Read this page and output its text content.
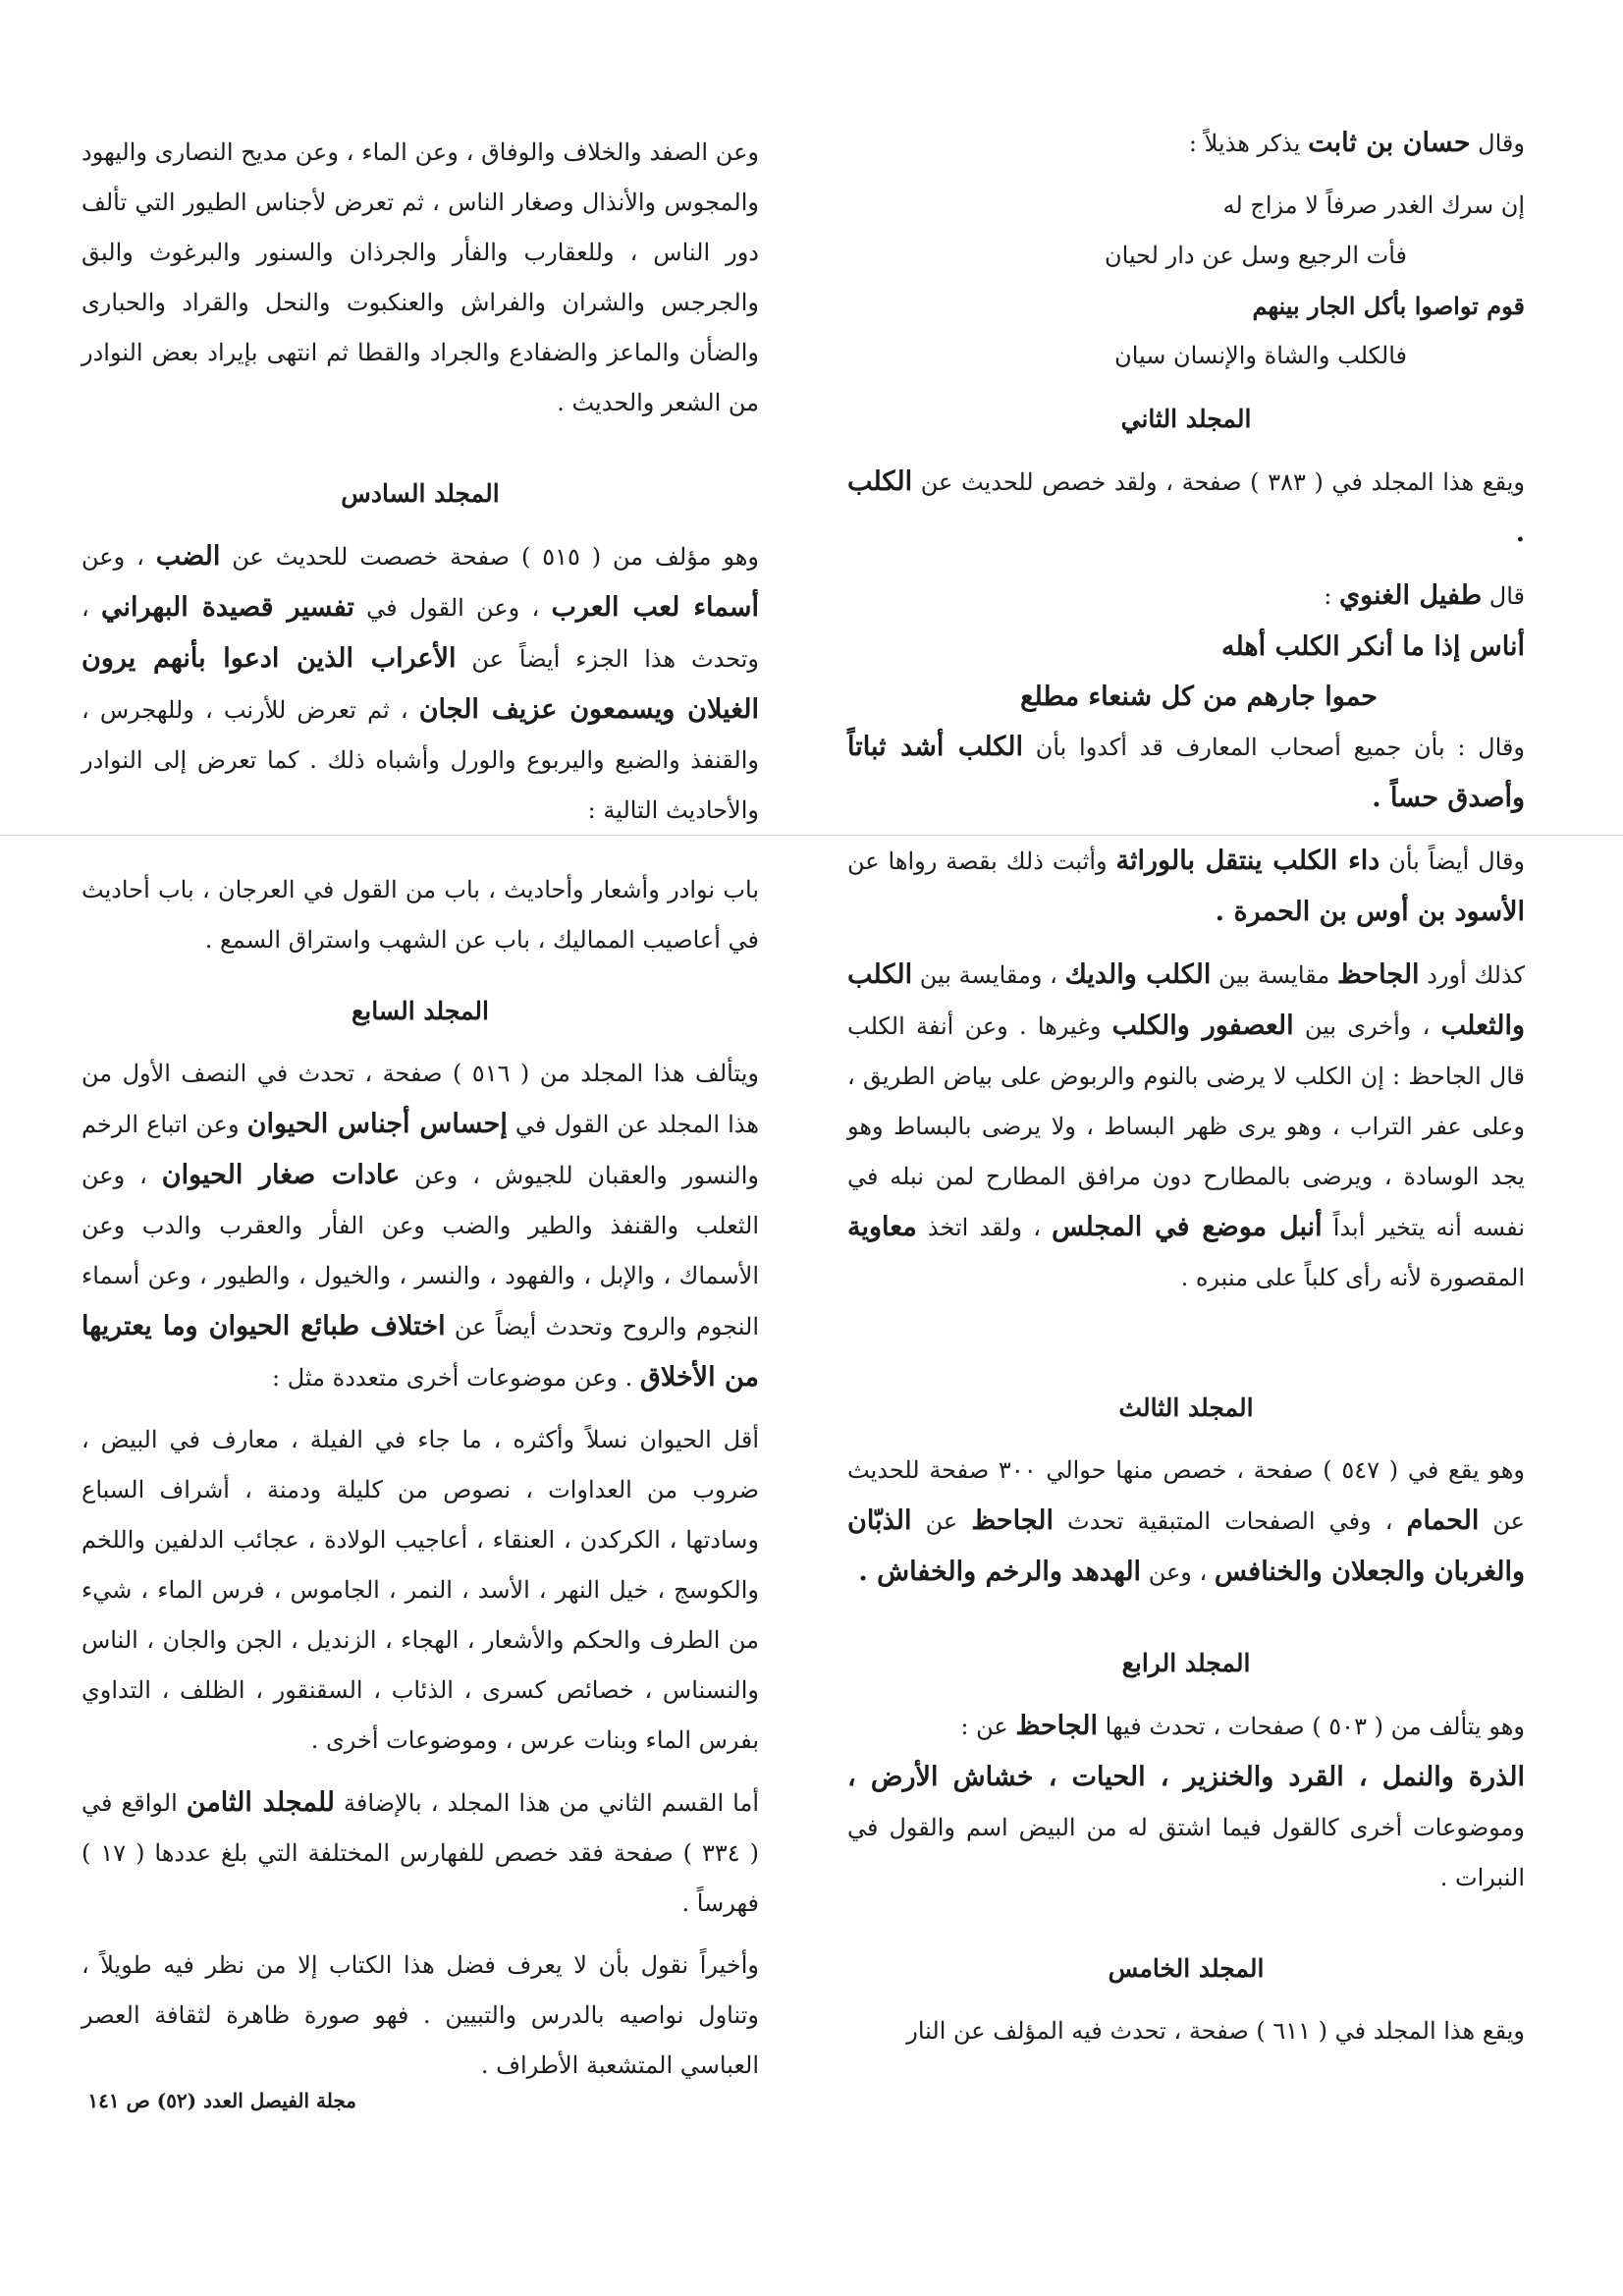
وقال حسان بن ثابت يذكر هذيلاً :

إن سرك الغدر صرفاً لا مزاج له
فأت الرجيع وسل عن دار لحيان
قوم تواصوا بأكل الجار بينهم
فالكلب والشاة والإنسان سيان
المجلد الثاني

ويقع هذا المجلد في ( ٣٨٣ ) صفحة ، ولقد خصص للحديث عن الكلب .

قال طفيل الغنوي :

أناس إذا ما أنكر الكلب أهله
حموا جارهم من كل شنعاء مطلع

وقال : بأن جميع أصحاب المعارف قد أكدوا بأن الكلب أشد ثباتاً وأصدق حساً .

وقال أيضاً بأن داء الكلب ينتقل بالوراثة وأثبت ذلك بقصة رواها عن الأسود بن أوس بن الحمرة .

كذلك أورد الجاحظ مقايسة بين الكلب والديك ، ومقايسة بين الكلب والثعلب ، وأخرى بين العصفور والكلب وغيرها . وعن أنفة الكلب قال الجاحظ : إن الكلب لا يرضى بالنوم والربوض على بياض الطريق ، وعلى عفر التراب ، وهو يرى ظهر البساط ، ولا يرضى بالبساط وهو يجد الوسادة ، ويرضى بالمطارح دون مرافق المطارح لمن نبله في نفسه أنه يتخير أبداً أنبل موضع في المجلس ، ولقد اتخذ معاوية المقصورة لأنه رأى كلباً على منبره .

المجلد الثالث

وهو يقع في ( ٥٤٧ ) صفحة ، خصص منها حوالي ٣٠٠ صفحة للحديث عن الحمام ، وفي الصفحات المتبقية تحدث الجاحظ عن الذبّان والغربان والجعلان والخنافس ، وعن الهدهد والرخم والخفاش .

المجلد الرابع

وهو يتألف من ( ٥٠٣ ) صفحات ، تحدث فيها الجاحظ عن :
الذرة والنمل ، القرد والخنزير ، الحيات ، خشاش الأرض ، وموضوعات أخرى كالقول فيما اشتق له من البيض اسم والقول في النبرات .

المجلد الخامس

ويقع هذا المجلد في ( ٦١١ ) صفحة ، تحدث فيه المؤلف عن النار

وعن الصفد والخلاف والوفاق ، وعن الماء ، وعن مديح النصارى واليهود والمجوس والأنذال وصغار الناس ، ثم تعرض لأجناس الطيور التي تألف دور الناس ، وللعقارب والفأر والجرذان والسنور والبرغوث والبق والجرجس والشران والفراش والعنكبوت والنحل والقراد والحبارى والضأن والماعز والضفادع والجراد والقطا ثم انتهى بإيراد بعض النوادر من الشعر والحديث .

المجلد السادس

وهو مؤلف من ( ٥١٥ ) صفحة خصصت للحديث عن الضب ، وعن أسماء لعب العرب ، وعن القول في تفسير قصيدة البهراني ، وتحدث هذا الجزء أيضاً عن الأعراب الذين ادعوا بأنهم يرون الغيلان ويسمعون عزيف الجان ، ثم تعرض للأرنب ، وللهجرس ، والقنفذ والضبع واليربوع والورل وأشباه ذلك . كما تعرض إلى النوادر والأحاديث التالية :

باب نوادر وأشعار وأحاديث ، باب من القول في العرجان ، باب أحاديث في أعاصيب المماليك ، باب عن الشهب واستراق السمع .

المجلد السابع

ويتألف هذا المجلد من ( ٥١٦ ) صفحة ، تحدث في النصف الأول من هذا المجلد عن القول في إحساس أجناس الحيوان وعن اتباع الرخم والنسور والعقبان للجيوش ، وعن عادات صغار الحيوان ، وعن الثعلب والقنفذ والطير والضب وعن الفأر والعقرب والدب وعن الأسماك ، والإبل ، والفهود ، والنسر ، والخيول ، والطيور ، وعن أسماء النجوم والروح وتحدث أيضاً عن اختلاف طبائع الحيوان وما يعتريها من الأخلاق . وعن موضوعات أخرى متعددة مثل :

أقل الحيوان نسلاً وأكثره ، ما جاء في الفيلة ، معارف في البيض ، ضروب من العداوات ، نصوص من كليلة ودمنة ، أشراف السباع وسادتها ، الكركدن ، العنقاء ، أعاجيب الولادة ، عجائب الدلفين واللخم والكوسج ، خيل النهر ، الأسد ، النمر ، الجاموس ، فرس الماء ، شيء من الطرف والحكم والأشعار ، الهجاء ، الزنديل ، الجن والجان ، الناس والنسناس ، خصائص كسرى ، الذئاب ، السقنقور ، الظلف ، التداوي بفرس الماء وبنات عرس ، وموضوعات أخرى .

أما القسم الثاني من هذا المجلد ، بالإضافة للمجلد الثامن الواقع في ( ٣٣٤ ) صفحة فقد خصص للفهارس المختلفة التي بلغ عددها ( ١٧ ) فهرساً .

وأخيراً نقول بأن لا يعرف فضل هذا الكتاب إلا من نظر فيه طويلاً ، وتناول نواصيه بالدرس والتبيين . فهو صورة ظاهرة لثقافة العصر العباسي المتشعبة الأطراف .

مجلة الفيصل العدد (٥٢) ص ١٤١
